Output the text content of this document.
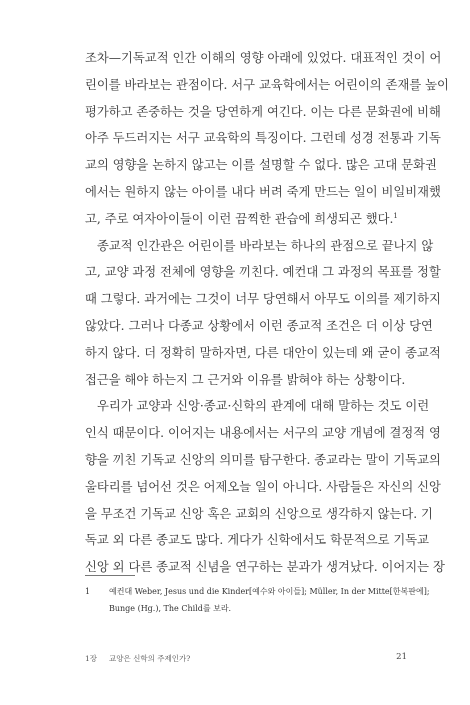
조차—기독교적 인간 이해의 영향 아래에 있었다. 대표적인 것이 어
린이를 바라보는 관점이다. 서구 교육학에서는 어린이의 존재를 높이
평가하고 존중하는 것을 당연하게 여긴다. 이는 다른 문화권에 비해
아주 두드러지는 서구 교육학의 특징이다. 그런데 성경 전통과 기독
교의 영향을 논하지 않고는 이를 설명할 수 없다. 많은 고대 문화권
에서는 원하지 않는 아이를 내다 버려 죽게 만드는 일이 비일비재했
고, 주로 여자아이들이 이런 끔찍한 관습에 희생되곤 했다.$^1$

종교적 인간관은 어린이를 바라보는 하나의 관점으로 끝나지 않
고, 교양 과정 전체에 영향을 끼친다. 예컨대 그 과정의 목표를 정할
때 그렇다. 과거에는 그것이 너무 당연해서 아무도 이의를 제기하지
않았다. 그러나 다종교 상황에서 이런 종교적 조건은 더 이상 당연
하지 않다. 더 정확히 말하자면, 다른 대안이 있는데 왜 굳이 종교적
접근을 해야 하는지 그 근거와 이유를 밝혀야 하는 상황이다.

우리가 교양과 신앙·종교·신학의 관계에 대해 말하는 것도 이런
인식 때문이다. 이어지는 내용에서는 서구의 교양 개념에 결정적 영
향을 끼친 기독교 신앙의 의미를 탐구한다. 종교라는 말이 기독교의
울타리를 넘어선 것은 어제오늘 일이 아니다. 사람들은 자신의 신앙
을 무조건 기독교 신앙 혹은 교회의 신앙으로 생각하지 않는다. 기
독교 외 다른 종교도 많다. 게다가 신학에서도 학문적으로 기독교
신앙 외 다른 종교적 신념을 연구하는 분과가 생겨났다. 이어지는 장

1	예컨대 Weber, Jesus und die Kinder[예수와 아이들]; Müller, In der Mitte[한복판에];
Bunge (Hg.), The Child를 보라.
1장 교양은 신학의 주제인가?	21
